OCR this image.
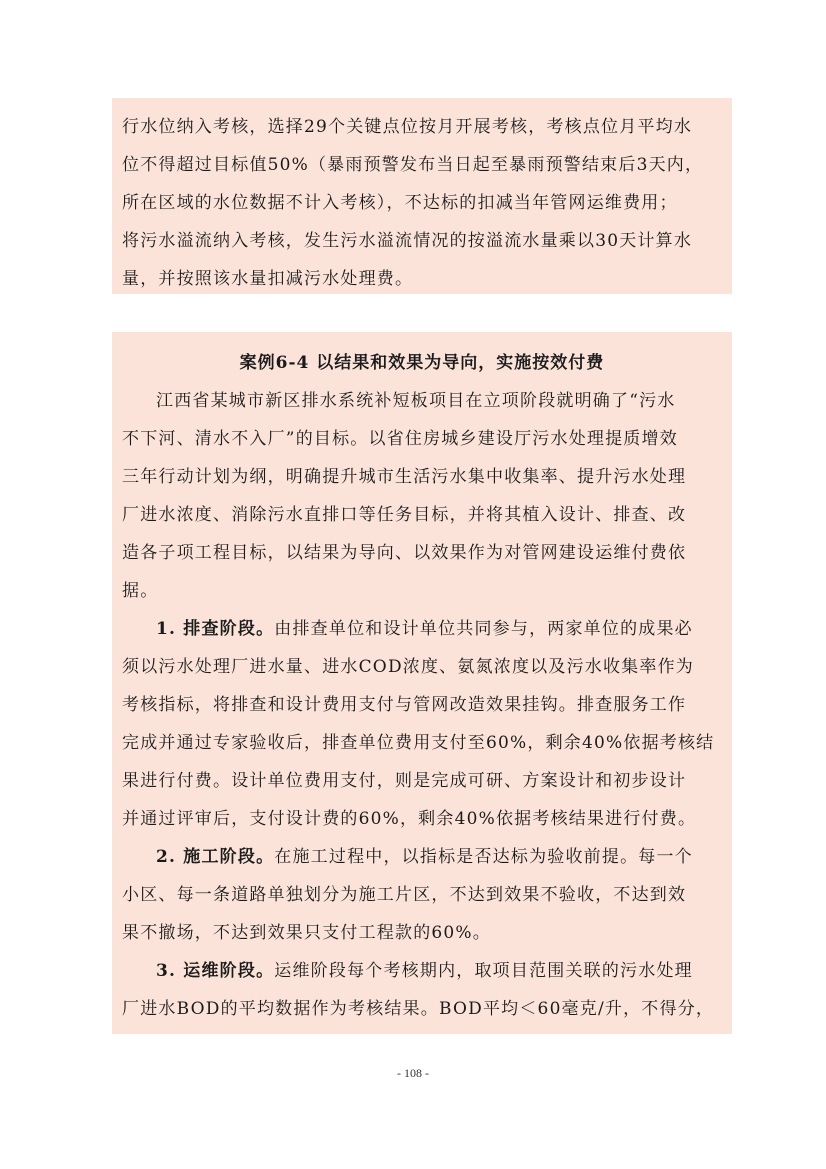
行水位纳入考核，选择29个关键点位按月开展考核，考核点位月平均水
位不得超过目标值50%（暴雨预警发布当日起至暴雨预警结束后3天内，
所在区域的水位数据不计入考核），不达标的扣减当年管网运维费用；
将污水溢流纳入考核，发生污水溢流情况的按溢流水量乘以30天计算水
量，并按照该水量扣减污水处理费。
案例6-4 以结果和效果为导向，实施按效付费
江西省某城市新区排水系统补短板项目在立项阶段就明确了“污水
不下河、清水不入厂”的目标。以省住房城乡建设厅污水处理提质增效
三年行动计划为纲，明确提升城市生活污水集中收集率、提升污水处理
厂进水浓度、消除污水直排口等任务目标，并将其植入设计、排查、改
造各子项工程目标，以结果为导向、以效果作为对管网建设运维付费依
据。
1. 排查阶段。由排查单位和设计单位共同参与，两家单位的成果必
须以污水处理厂进水量、进水COD浓度、氨氮浓度以及污水收集率作为
考核指标，将排查和设计费用支付与管网改造效果挂钩。排查服务工作
完成并通过专家验收后，排查单位费用支付至60%，剩余40%依据考核结
果进行付费。设计单位费用支付，则是完成可研、方案设计和初步设计
并通过评审后，支付设计费的60%，剩余40%依据考核结果进行付费。
2. 施工阶段。在施工过程中，以指标是否达标为验收前提。每一个
小区、每一条道路单独划分为施工片区，不达到效果不验收，不达到效
果不撤场，不达到效果只支付工程款的60%。
3. 运维阶段。运维阶段每个考核期内，取项目范围关联的污水处理
厂进水BOD的平均数据作为考核结果。BOD平均＜60毫克/升，不得分，
- 108 -
